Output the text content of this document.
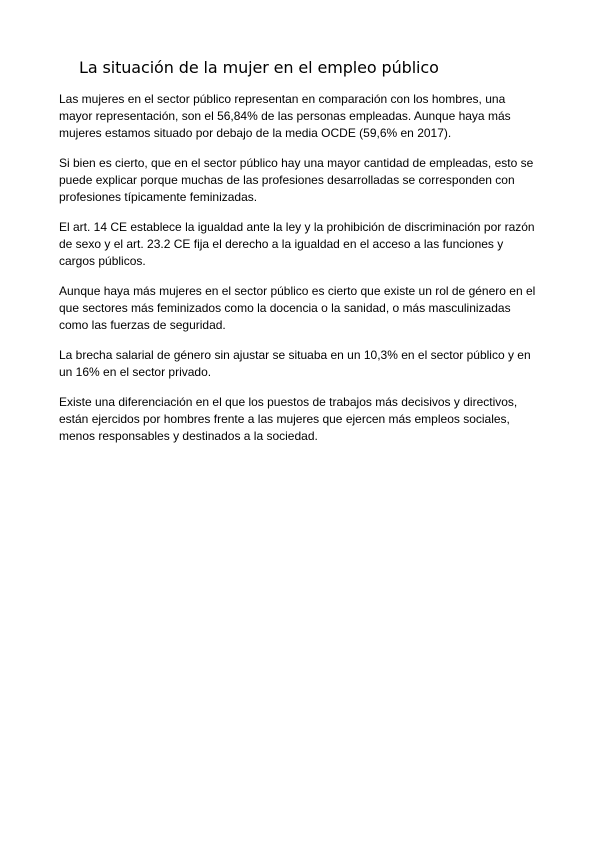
La situación de la mujer en el empleo público

Las mujeres en el sector público representan en comparación con los hombres, una
mayor representación, son el 56,84% de las personas empleadas. Aunque haya más
mujeres estamos situado por debajo de la media OCDE (59,6% en 2017).

Si bien es cierto, que en el sector público hay una mayor cantidad de empleadas, esto se
puede explicar porque muchas de las profesiones desarrolladas se corresponden con
profesiones típicamente feminizadas.

El art. 14 CE establece la igualdad ante la ley y la prohibición de discriminación por razón
de sexo y el art. 23.2 CE fija el derecho a la igualdad en el acceso a las funciones y
cargos públicos.

Aunque haya más mujeres en el sector público es cierto que existe un rol de género en el
que sectores más feminizados como la docencia o la sanidad, o más masculinizadas
como las fuerzas de seguridad.

La brecha salarial de género sin ajustar se situaba en un 10,3% en el sector público y en
un 16% en el sector privado.

Existe una diferenciación en el que los puestos de trabajos más decisivos y directivos,
están ejercidos por hombres frente a las mujeres que ejercen más empleos sociales,
menos responsables y destinados a la sociedad.
